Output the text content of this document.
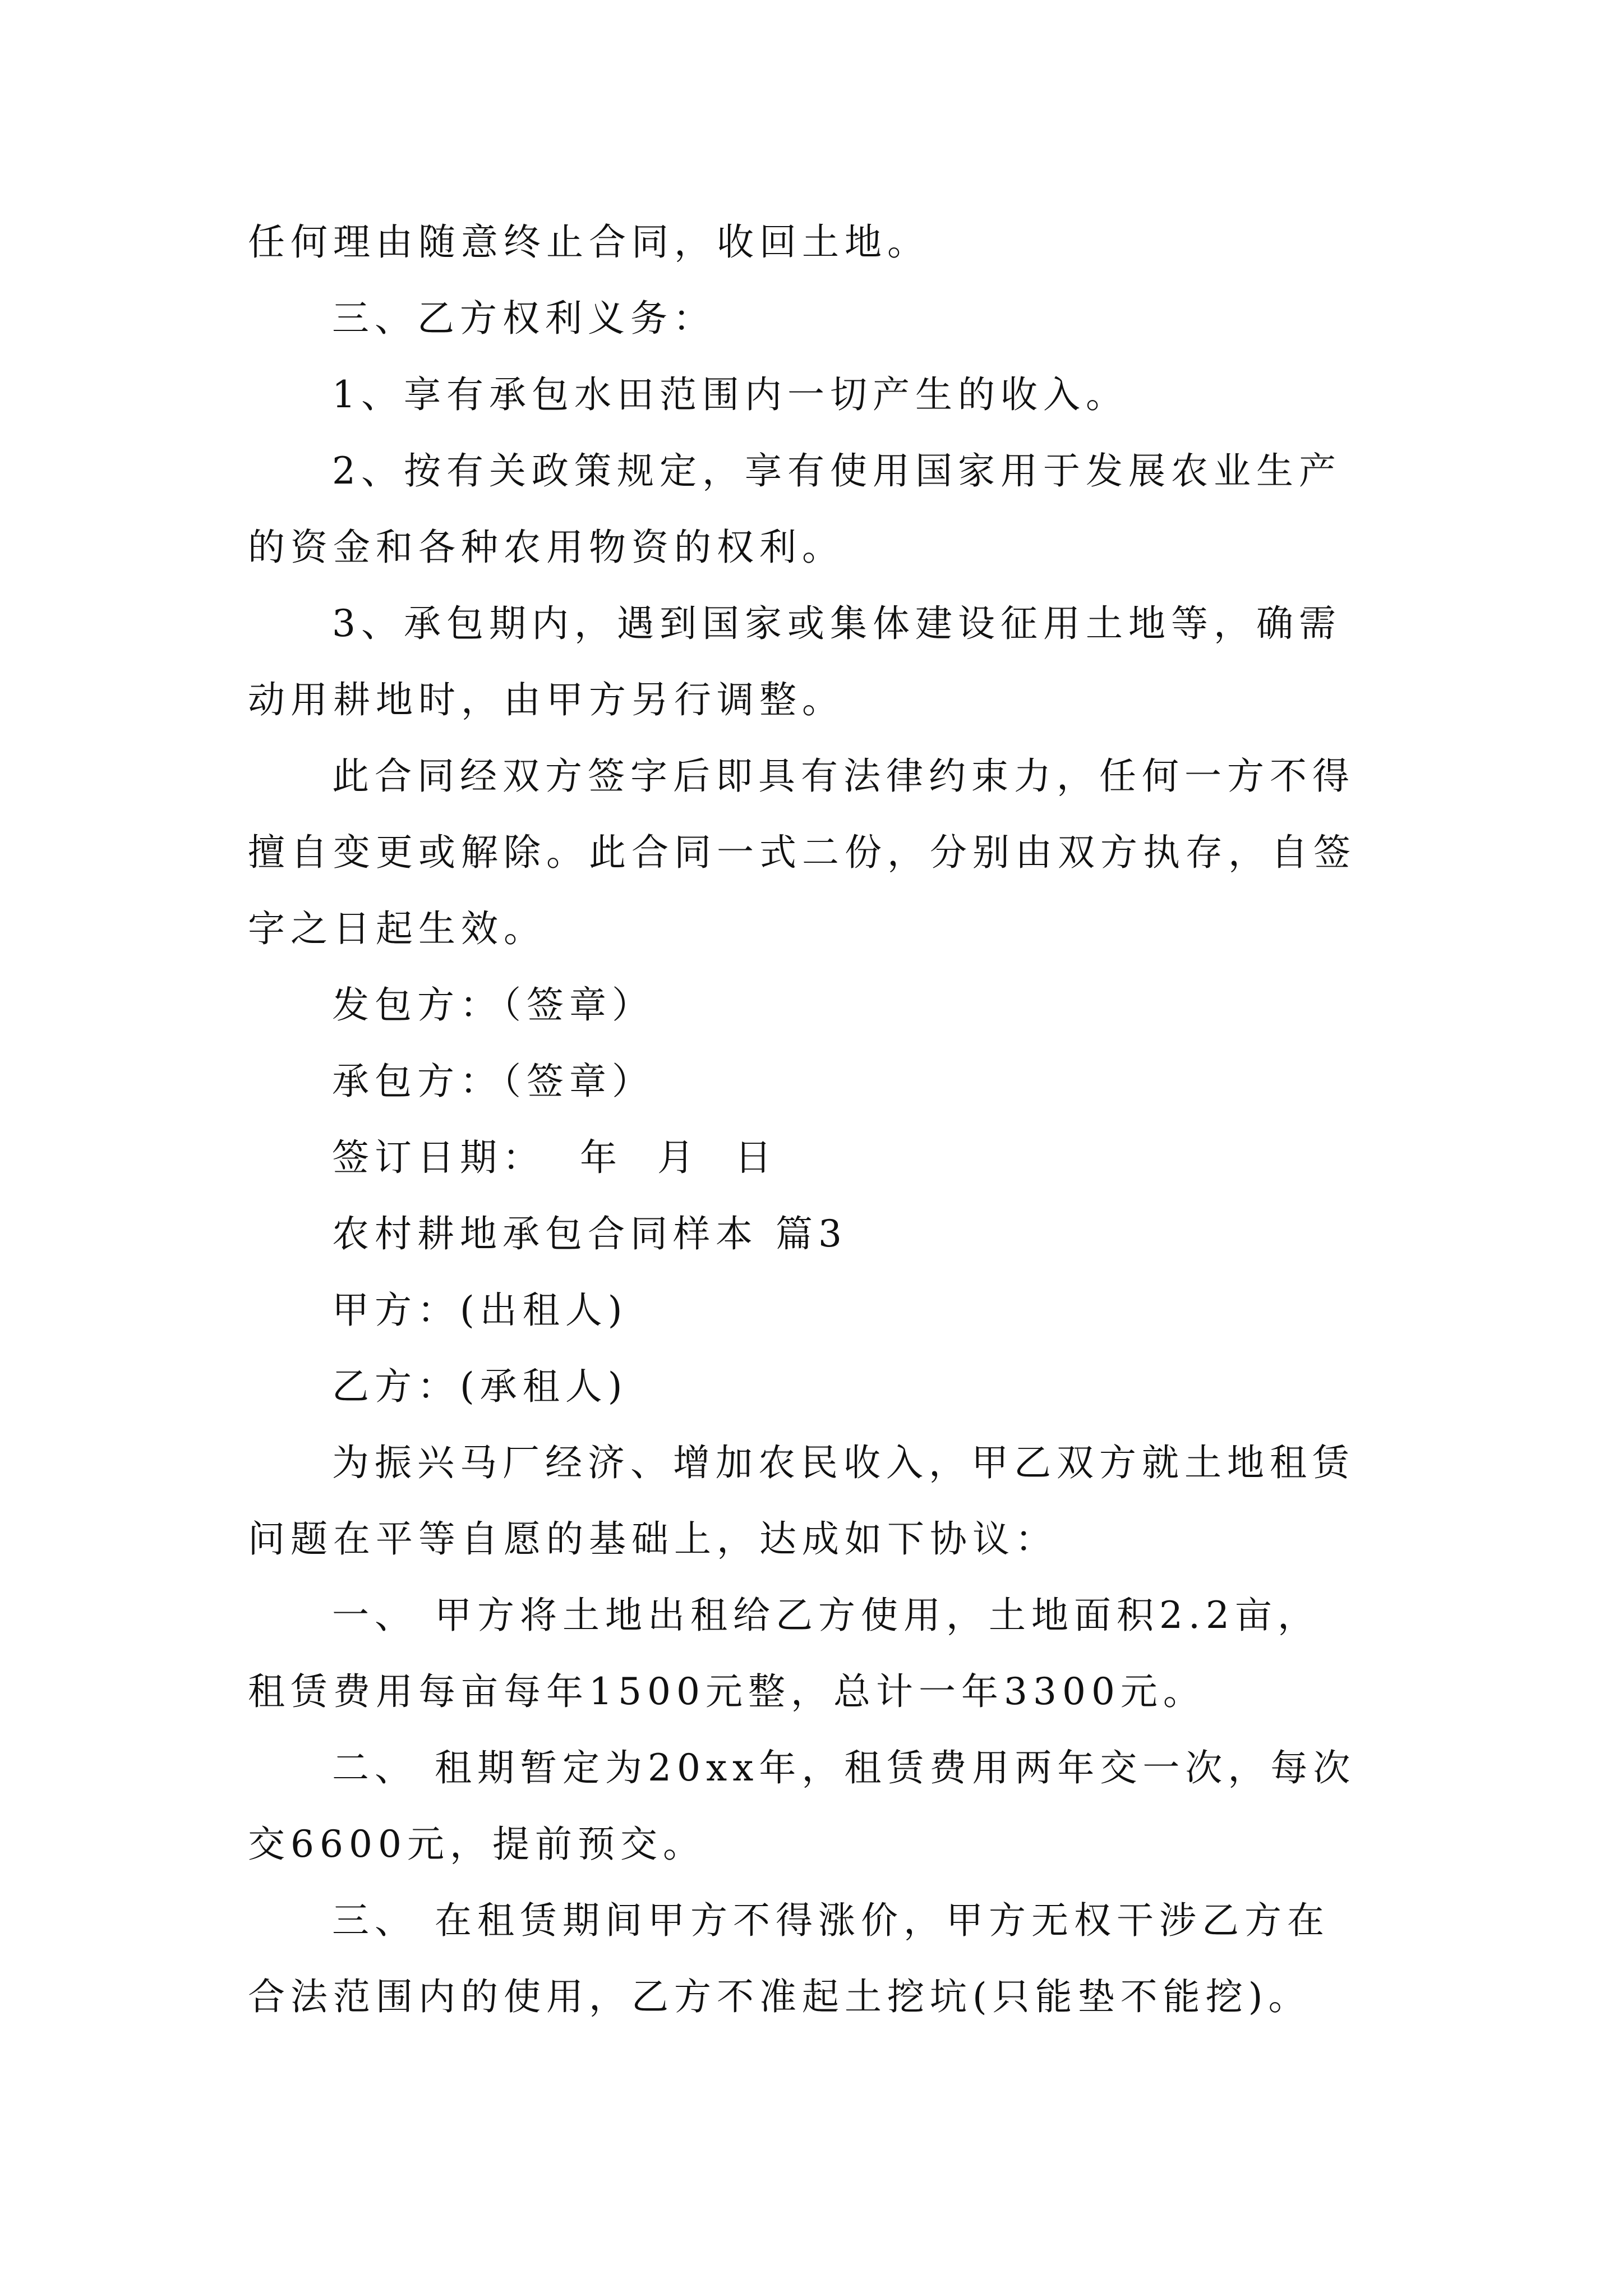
任何理由随意终止合同，收回土地。
三、乙方权利义务：
1、享有承包水田范围内一切产生的收入。
2、按有关政策规定，享有使用国家用于发展农业生产
的资金和各种农用物资的权利。
3、承包期内，遇到国家或集体建设征用土地等，确需
动用耕地时，由甲方另行调整。
此合同经双方签字后即具有法律约束力，任何一方不得
擅自变更或解除。此合同一式二份，分别由双方执存，自签
字之日起生效。
发包方：（签章）
承包方：（签章）
签订日期：  年  月  日
农村耕地承包合同样本 篇3
甲方：(出租人)
乙方：(承租人)
为振兴马厂经济、增加农民收入，甲乙双方就土地租赁
问题在平等自愿的基础上，达成如下协议：
一、 甲方将土地出租给乙方使用，土地面积2.2亩，
租赁费用每亩每年1500元整，总计一年3300元。
二、 租期暂定为20xx年，租赁费用两年交一次，每次
交6600元，提前预交。
三、 在租赁期间甲方不得涨价，甲方无权干涉乙方在
合法范围内的使用，乙方不准起土挖坑(只能垫不能挖)。
